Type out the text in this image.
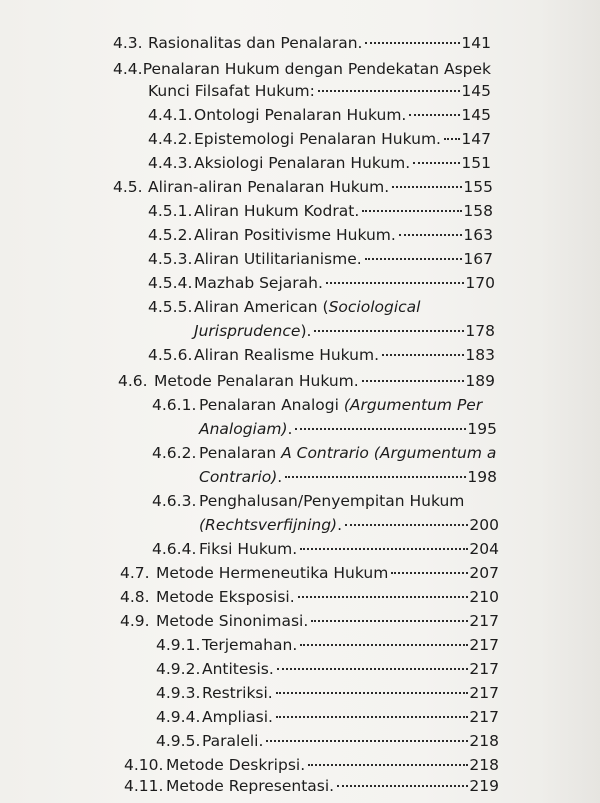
4.3. Rasionalitas dan Penalaran.	141
4.4. Penalaran Hukum dengan Pendekatan Aspek
Kunci Filsafat Hukum:	145
4.4.1. Ontologi Penalaran Hukum.	145
4.4.2. Epistemologi Penalaran Hukum. 147
4.4.3. Aksiologi Penalaran Hukum.	151
4.5. Aliran-aliran Penalaran Hukum.	155
4.5.1. Aliran Hukum Kodrat.	158
4.5.2. Aliran Positivisme Hukum.	163
4.5.3. Aliran Utilitarianisme.	167
4.5.4. Mazhab Sejarah.	170
4.5.5. Aliran American (Sociological
Jurisprudence).	178
4.5.6. Aliran Realisme Hukum.	183
4.6. Metode Penalaran Hukum.	189
4.6.1. Penalaran Analogi (Argumentum Per
Analogiam).	195
4.6.2. Penalaran A Contrario (Argumentum a
Contrario).	198
4.6.3. Penghalusan/Penyempitan Hukum
(Rechtsverfijning).	200
4.6.4. Fiksi Hukum.	204
4.7. Metode Hermeneutika Hukum	207
4.8. Metode Eksposisi.	210
4.9. Metode Sinonimasi.	217
4.9.1. Terjemahan.	217
4.9.2. Antitesis.	217
4.9.3. Restriksi.	217
4.9.4. Ampliasi.	217
4.9.5. Paraleli.	218
4.10. Metode Deskripsi.	218
4.11. Metode Representasi.	219
